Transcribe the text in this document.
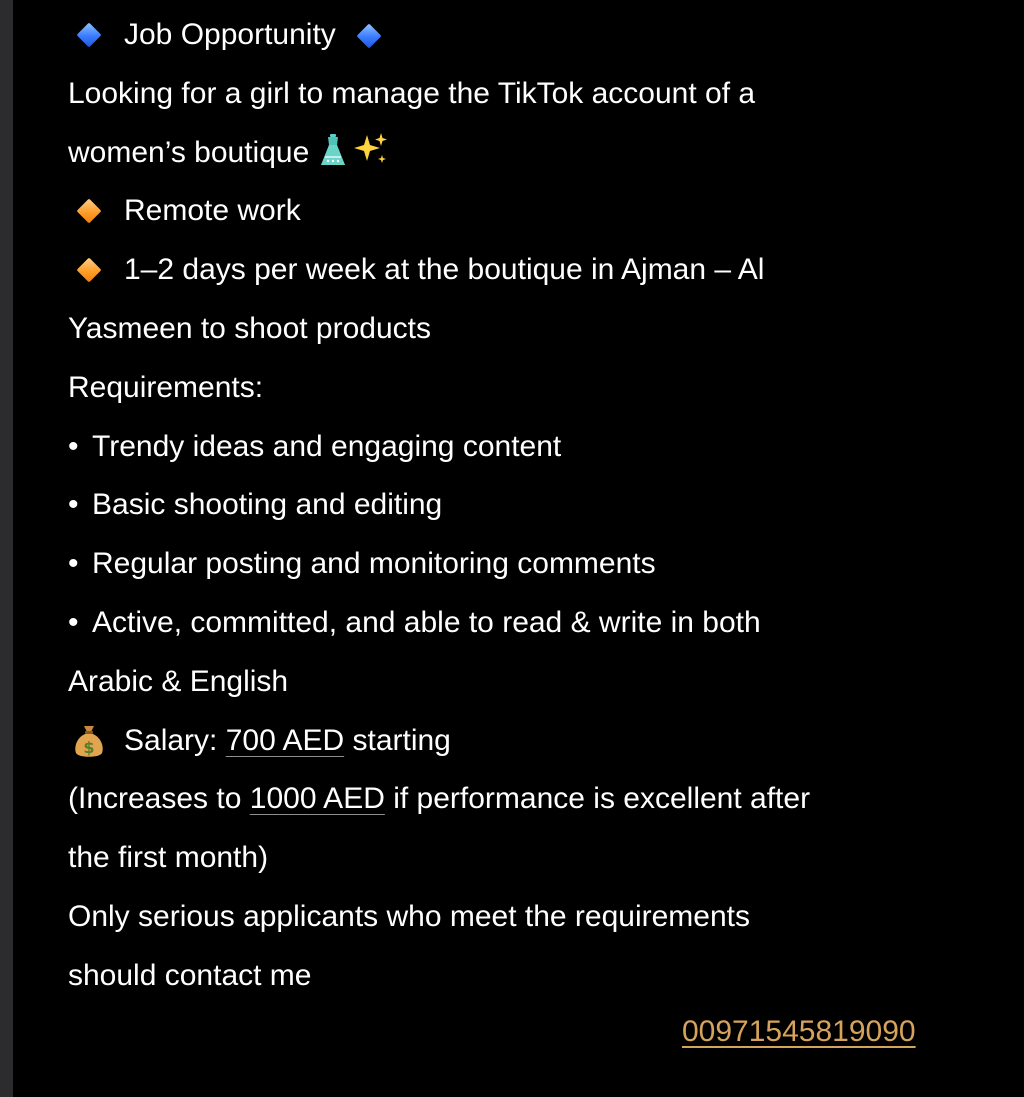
Job Opportunity
Looking for a girl to manage the TikTok account of a
women’s boutique
Remote work
1–2 days per week at the boutique in Ajman – Al
Yasmeen to shoot products
Requirements:
• Trendy ideas and engaging content
• Basic shooting and editing
• Regular posting and monitoring comments
• Active, committed, and able to read & write in both
Arabic & English
$ Salary: 700 AED starting
(Increases to 1000 AED if performance is excellent after
the first month)
Only serious applicants who meet the requirements
should contact me
00971545819090
